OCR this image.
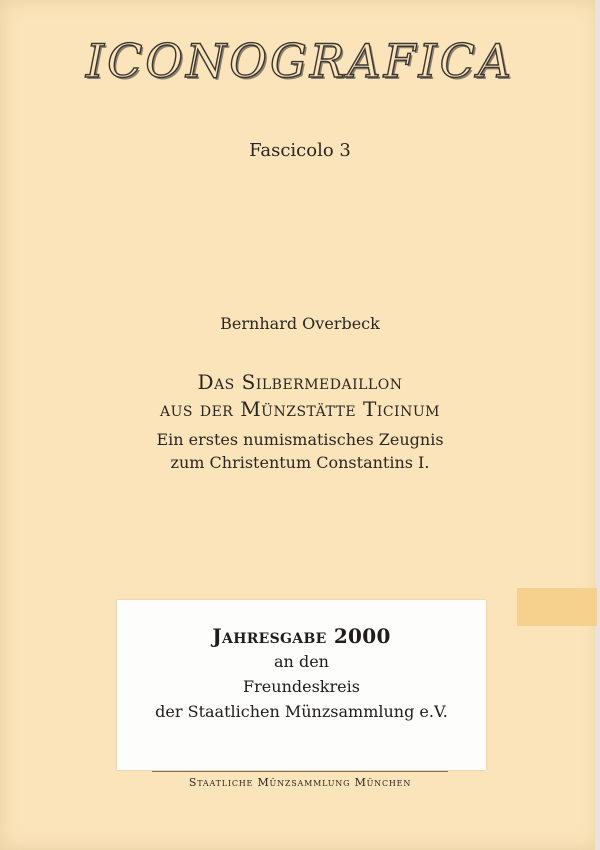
ICONOGRAFICA
Fascicolo 3
Bernhard Overbeck
Das Silbermedaillon
aus der Münzstätte Ticinum
Ein erstes numismatisches Zeugnis
zum Christentum Constantins I.
Jahresgabe 2000
an den
Freundeskreis
der Staatlichen Münzsammlung e.V.
Staatliche Münzsammlung München
